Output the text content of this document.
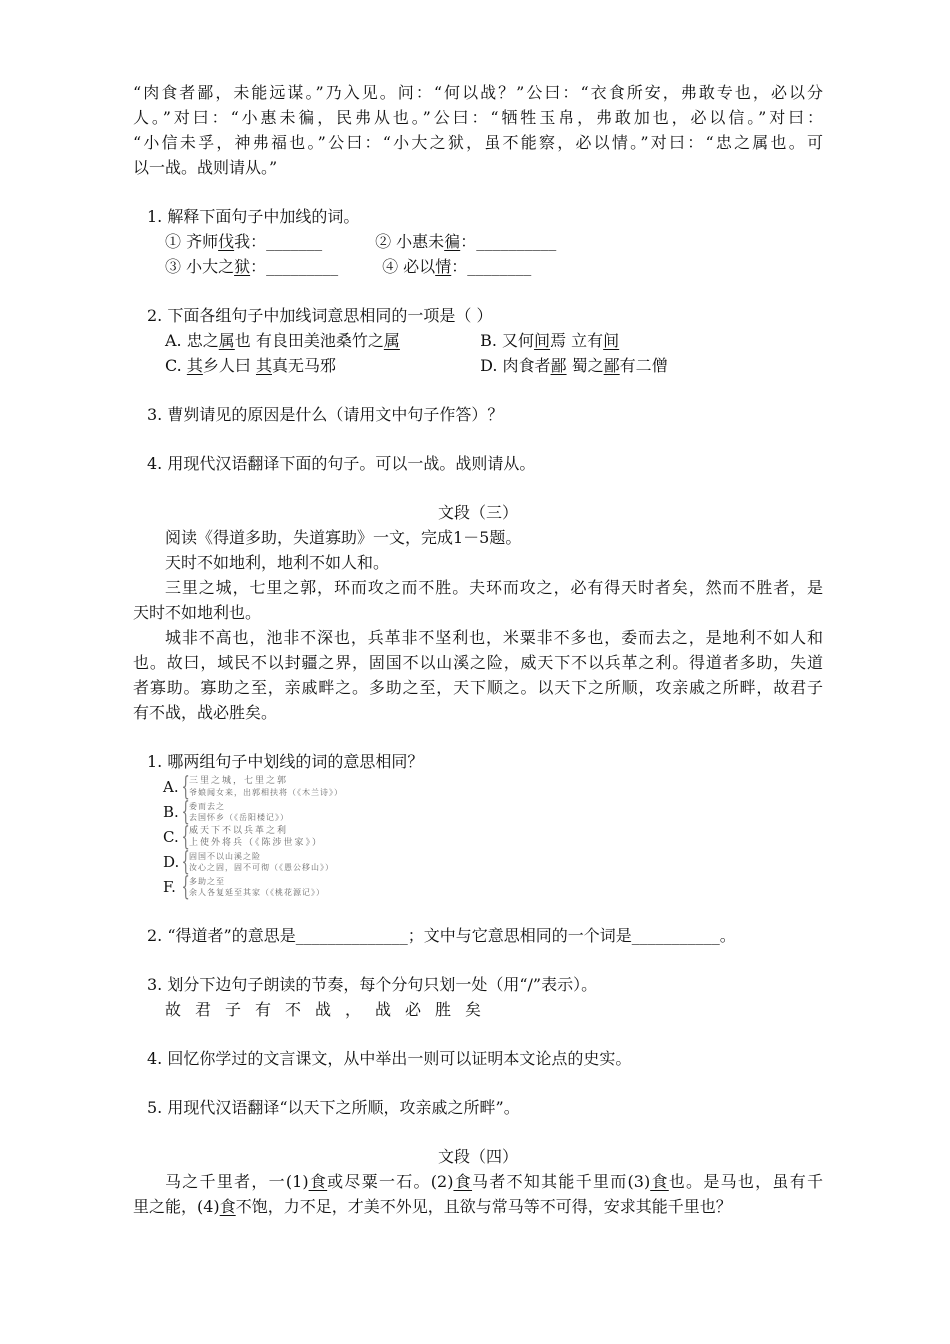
“肉食者鄙，未能远谋。”乃入见。问：“何以战？”公曰：“衣食所安，弗敢专也，必以分
人。”对曰：“小惠未徧，民弗从也。”公曰：“牺牲玉帛，弗敢加也，必以信。”对曰：
“小信未孚，神弗福也。”公曰：“小大之狱，虽不能察，必以情。”对曰：“忠之属也。可
以一战。战则请从。”
1. 解释下面句子中加线的词。
① 齐师伐我：_______	② 小惠未徧：__________
③ 小大之狱：_________	④ 必以情：________
2. 下面各组句子中加线词意思相同的一项是（ ）
A. 忠之属也 有良田美池桑竹之属	B. 又何间焉 立有间
C. 其乡人曰 其真无马邪	D. 肉食者鄙 蜀之鄙有二僧
3. 曹刿请见的原因是什么（请用文中句子作答）？
4. 用现代汉语翻译下面的句子。可以一战。战则请从。
文段（三）
阅读《得道多助，失道寡助》一文，完成1－5题。
天时不如地利，地利不如人和。
三里之城，七里之郭，环而攻之而不胜。夫环而攻之，必有得天时者矣，然而不胜者，是
天时不如地利也。
城非不高也，池非不深也，兵革非不坚利也，米粟非不多也，委而去之，是地利不如人和
也。故曰，域民不以封疆之界，固国不以山溪之险，威天下不以兵革之利。得道者多助，失道
者寡助。寡助之至，亲戚畔之。多助之至，天下顺之。以天下之所顺，攻亲戚之所畔，故君子
有不战，战必胜矣。
1. 哪两组句子中划线的词的意思相同？
A. { 三里之城，七里之郭
爷娘闻女来，出郭相扶将（《木兰诗》）
B. { 委而去之
去国怀乡（《岳阳楼记》）
C. { 威天下不以兵革之利
上使外将兵（《陈涉世家》）
D. { 固国不以山溪之险
汝心之固，固不可彻（《愚公移山》）
F. { 多助之至
余人各复延至其家（《桃花源记》）
2. “得道者”的意思是______________；文中与它意思相同的一个词是___________。
3. 划分下边句子朗读的节奏，每个分句只划一处（用“/”表示）。
故君子有不战，战必胜矣
4. 回忆你学过的文言课文，从中举出一则可以证明本文论点的史实。
5. 用现代汉语翻译“以天下之所顺，攻亲戚之所畔”。
文段（四）
马之千里者，一(1)食或尽粟一石。(2)食马者不知其能千里而(3)食也。是马也，虽有千
里之能，(4)食不饱，力不足，才美不外见，且欲与常马等不可得，安求其能千里也？
